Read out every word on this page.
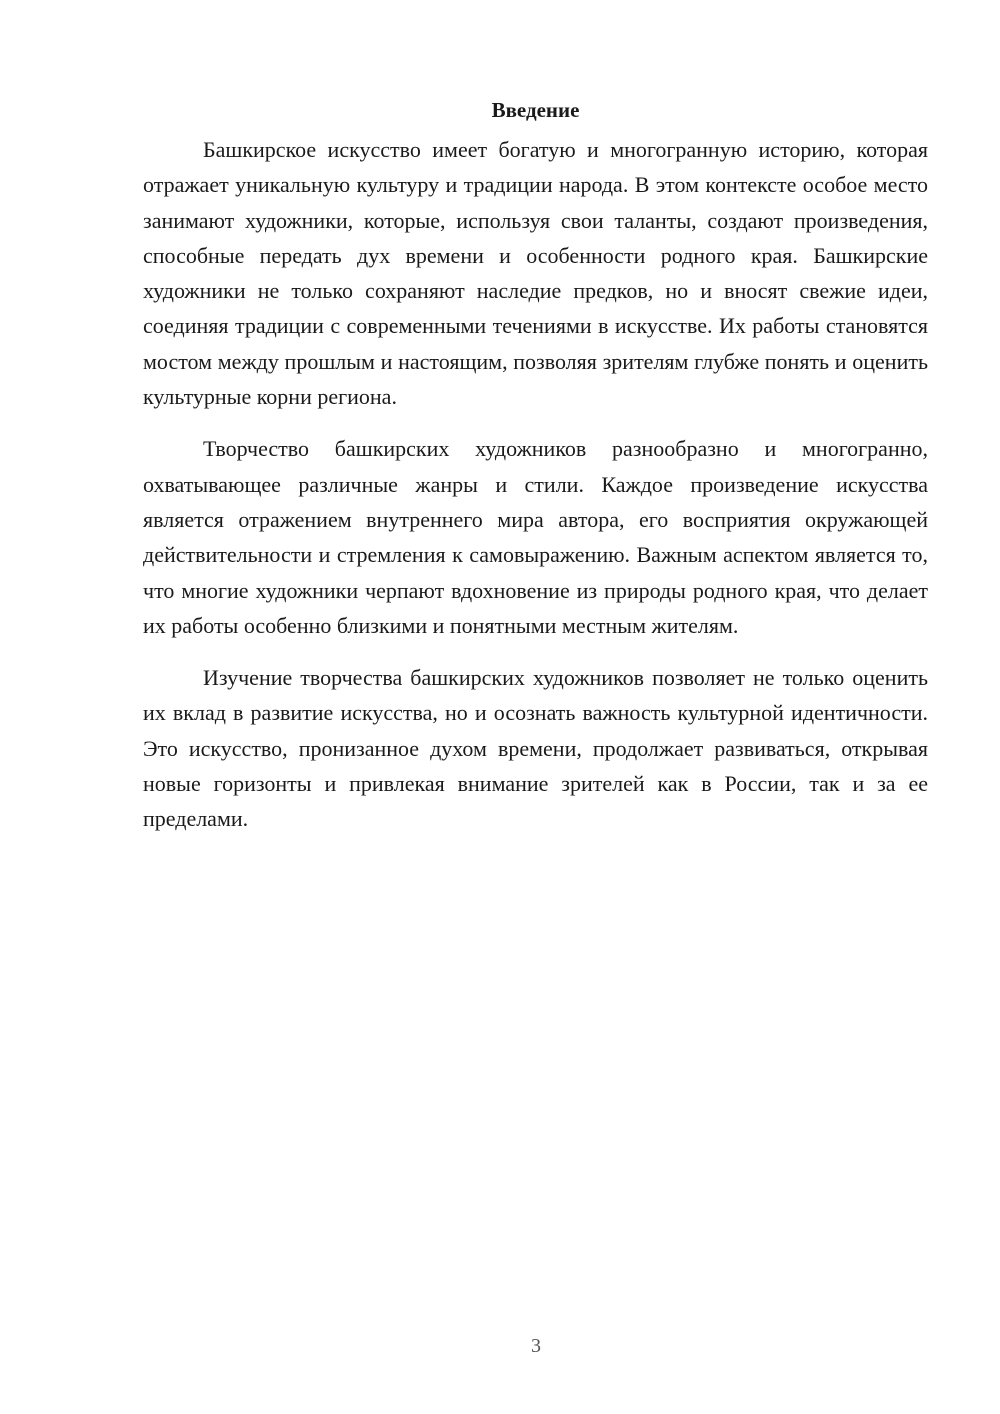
Введение

Башкирское искусство имеет богатую и многогранную историю, которая отражает уникальную культуру и традиции народа. В этом контексте особое место занимают художники, которые, используя свои таланты, создают произведения, способные передать дух времени и особенности родного края. Башкирские художники не только сохраняют наследие предков, но и вносят свежие идеи, соединяя традиции с современными течениями в искусстве. Их работы становятся мостом между прошлым и настоящим, позволяя зрителям глубже понять и оценить культурные корни региона.

Творчество башкирских художников разнообразно и многогранно, охватывающее различные жанры и стили. Каждое произведение искусства является отражением внутреннего мира автора, его восприятия окружающей действительности и стремления к самовыражению. Важным аспектом является то, что многие художники черпают вдохновение из природы родного края, что делает их работы особенно близкими и понятными местным жителям.

Изучение творчества башкирских художников позволяет не только оценить их вклад в развитие искусства, но и осознать важность культурной идентичности. Это искусство, пронизанное духом времени, продолжает развиваться, открывая новые горизонты и привлекая внимание зрителей как в России, так и за ее пределами.

3
